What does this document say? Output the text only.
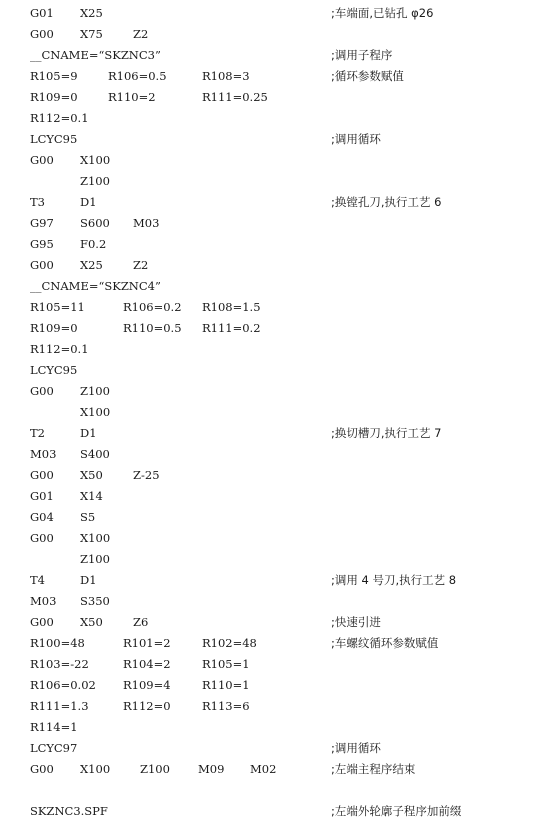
G01 X25	;车端面,已钻孔 φ26
G00 X75	Z2
__CNAME=“SKZNC3”	;调用子程序
R105=9	R106=0.5	R108=3	;循环参数赋值
R109=0	R110=2	R111=0.25
R112=0.1
LCYC95	;调用循环
G00 X100
Z100
T3	D1	;换镗孔刀,执行工艺 6
G97 S600 M03
G95 F0.2
G00 X25	Z2
__CNAME=“SKZNC4”
R105=11	R106=0.2 R108=1.5
R109=0	R110=0.5 R111=0.2
R112=0.1
LCYC95
G00 Z100
X100
T2	D1	;换切槽刀,执行工艺 7
M03 S400
G00 X50	Z-25
G01 X14
G04 S5
G00 X100
Z100
T4	D1	;调用 4 号刀,执行工艺 8
M03 S350
G00 X50	Z6	;快速引进
R100=48	R101=2	R102=48	;车螺纹循环参数赋值
R103=-22	R104=2	R105=1
R106=0.02 R109=4	R110=1
R111=1.3	R112=0	R113=6
R114=1
LCYC97	;调用循环
G00 X100	Z100 M09 M02	;左端主程序结束
SKZNC3.SPF	;左端外轮廓子程序加前缀
